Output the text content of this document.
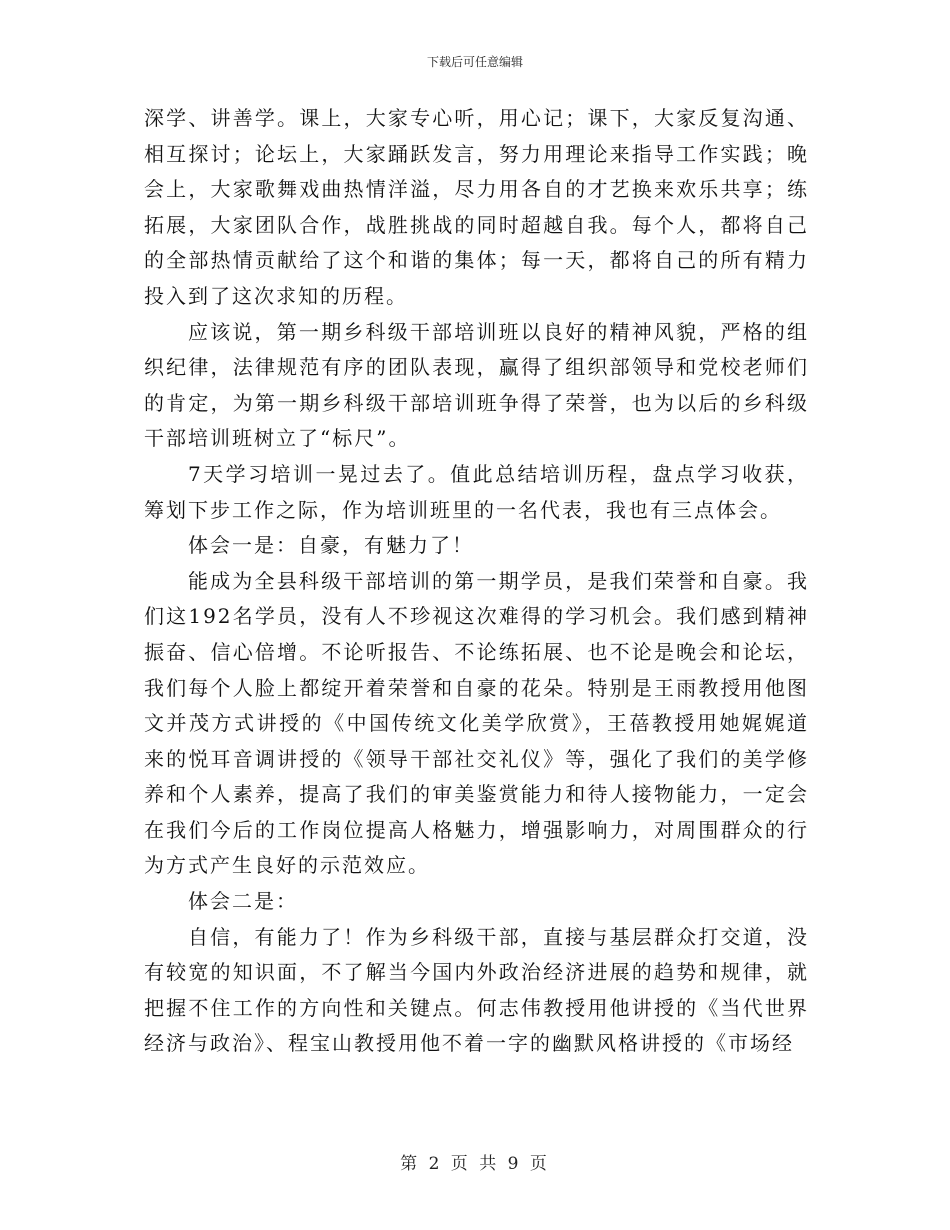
下载后可任意编辑

深学、讲善学。课上，大家专心听，用心记；课下，大家反复沟通、相互探讨；论坛上，大家踊跃发言，努力用理论来指导工作实践；晚会上，大家歌舞戏曲热情洋溢，尽力用各自的才艺换来欢乐共享；练拓展，大家团队合作，战胜挑战的同时超越自我。每个人，都将自己的全部热情贡献给了这个和谐的集体；每一天，都将自己的所有精力投入到了这次求知的历程。

应该说，第一期乡科级干部培训班以良好的精神风貌，严格的组织纪律，法律规范有序的团队表现，赢得了组织部领导和党校老师们的肯定，为第一期乡科级干部培训班争得了荣誉，也为以后的乡科级干部培训班树立了“标尺”。

7天学习培训一晃过去了。值此总结培训历程，盘点学习收获，筹划下步工作之际，作为培训班里的一名代表，我也有三点体会。

体会一是：自豪，有魅力了！

能成为全县科级干部培训的第一期学员，是我们荣誉和自豪。我们这192名学员，没有人不珍视这次难得的学习机会。我们感到精神振奋、信心倍增。不论听报告、不论练拓展、也不论是晚会和论坛，我们每个人脸上都绽开着荣誉和自豪的花朵。特别是王雨教授用他图文并茂方式讲授的《中国传统文化美学欣赏》，王蓓教授用她娓娓道来的悦耳音调讲授的《领导干部社交礼仪》等，强化了我们的美学修养和个人素养，提高了我们的审美鉴赏能力和待人接物能力，一定会在我们今后的工作岗位提高人格魅力，增强影响力，对周围群众的行为方式产生良好的示范效应。

体会二是：

自信，有能力了！作为乡科级干部，直接与基层群众打交道，没有较宽的知识面，不了解当今国内外政治经济进展的趋势和规律，就把握不住工作的方向性和关键点。何志伟教授用他讲授的《当代世界经济与政治》、程宝山教授用他不着一字的幽默风格讲授的《市场经

第 2 页 共 9 页
